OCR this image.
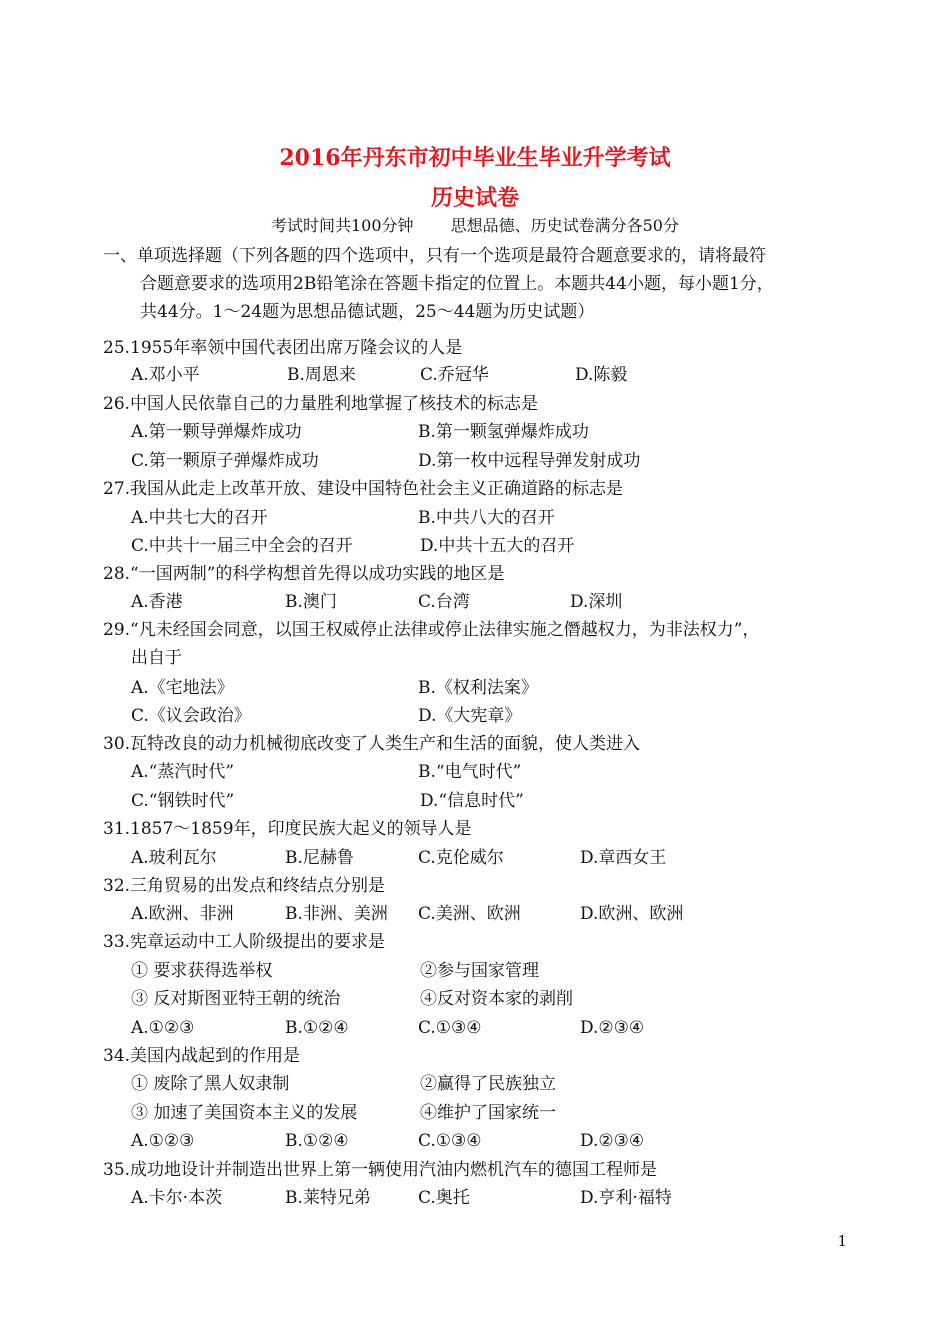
2016年丹东市初中毕业生毕业升学考试
历史试卷
考试时间共100分钟 思想品德、历史试卷满分各50分
一、单项选择题（下列各题的四个选项中，只有一个选项是最符合题意要求的，请将最符
合题意要求的选项用2B铅笔涂在答题卡指定的位置上。本题共44小题，每小题1分，
共44分。1～24题为思想品德试题，25～44题为历史试题）
25.1955年率领中国代表团出席万隆会议的人是
A.邓小平	B.周恩来	C.乔冠华	D.陈毅
26.中国人民依靠自己的力量胜利地掌握了核技术的标志是
A.第一颗导弹爆炸成功	B.第一颗氢弹爆炸成功
C.第一颗原子弹爆炸成功	D.第一枚中远程导弹发射成功
27.我国从此走上改革开放、建设中国特色社会主义正确道路的标志是
A.中共七大的召开	B.中共八大的召开
C.中共十一届三中全会的召开	D.中共十五大的召开
28.“一国两制”的科学构想首先得以成功实践的地区是
A.香港	B.澳门	C.台湾	D.深圳
29.“凡未经国会同意，以国王权威停止法律或停止法律实施之僭越权力，为非法权力”，
出自于
A.《宅地法》	B.《权利法案》
C.《议会政治》	D.《大宪章》
30.瓦特改良的动力机械彻底改变了人类生产和生活的面貌，使人类进入
A.“蒸汽时代”	B.“电气时代”
C.“钢铁时代”	D.“信息时代”
31.1857～1859年，印度民族大起义的领导人是
A.玻利瓦尔	B.尼赫鲁	C.克伦威尔	D.章西女王
32.三角贸易的出发点和终结点分别是
A.欧洲、非洲	B.非洲、美洲 C.美洲、欧洲	D.欧洲、欧洲
33.宪章运动中工人阶级提出的要求是
① 要求获得选举权	②参与国家管理
③ 反对斯图亚特王朝的统治	④反对资本家的剥削
A.①②③	B.①②④	C.①③④	D.②③④
34.美国内战起到的作用是
① 废除了黑人奴隶制	②赢得了民族独立
③ 加速了美国资本主义的发展	④维护了国家统一
A.①②③	B.①②④	C.①③④	D.②③④
35.成功地设计并制造出世界上第一辆使用汽油内燃机汽车的德国工程师是
A.卡尔·本茨	B.莱特兄弟	C.奥托	D.亨利·福特
1
